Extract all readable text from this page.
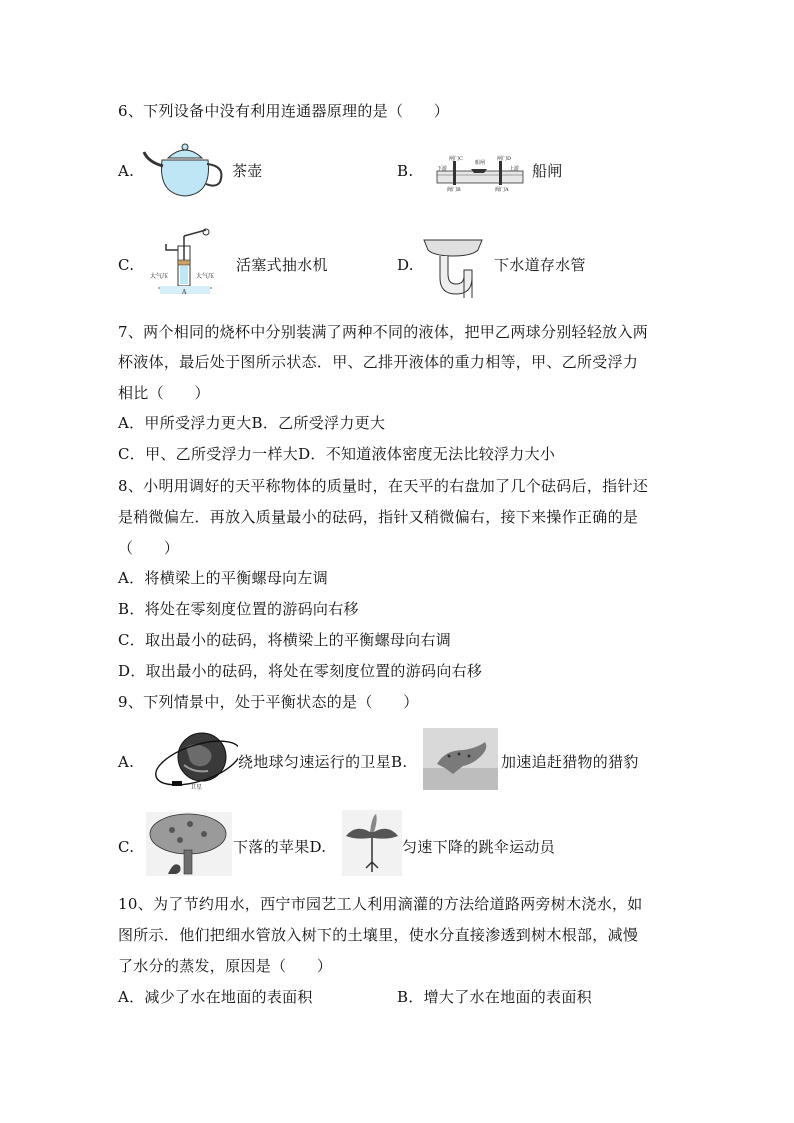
6、下列设备中没有利用连通器原理的是（　　）
A.	茶壶	B.
闸门C
船闸
闸门D
下游	上游
阀门B	阀门A
船闸
C.
大气压	大气压
A
活塞式抽水机	D.	下水道存水管
7、两个相同的烧杯中分别装满了两种不同的液体，把甲乙两球分别轻轻放入两
杯液体，最后处于图所示状态．甲、乙排开液体的重力相等，甲、乙所受浮力
相比（　　）
A．甲所受浮力更大B．乙所受浮力更大
C．甲、乙所受浮力一样大D．不知道液体密度无法比较浮力大小
8、小明用调好的天平称物体的质量时，在天平的右盘加了几个砝码后，指针还
是稍微偏左．再放入质量最小的砝码，指针又稍微偏右，接下来操作正确的是
（　　）
A．将横梁上的平衡螺母向左调
B．将处在零刻度位置的游码向右移
C．取出最小的砝码，将横梁上的平衡螺母向右调
D．取出最小的砝码，将处在零刻度位置的游码向右移
9、下列情景中，处于平衡状态的是（　　）
A.
卫星
绕地球匀速运行的卫星B.	加速追赶猎物的猎豹
C.	下落的苹果D.	匀速下降的跳伞运动员
10、为了节约用水，西宁市园艺工人利用滴灌的方法给道路两旁树木浇水，如
图所示．他们把细水管放入树下的土壤里，使水分直接渗透到树木根部，减慢
了水分的蒸发，原因是（　　）
A．减少了水在地面的表面积	B．增大了水在地面的表面积
